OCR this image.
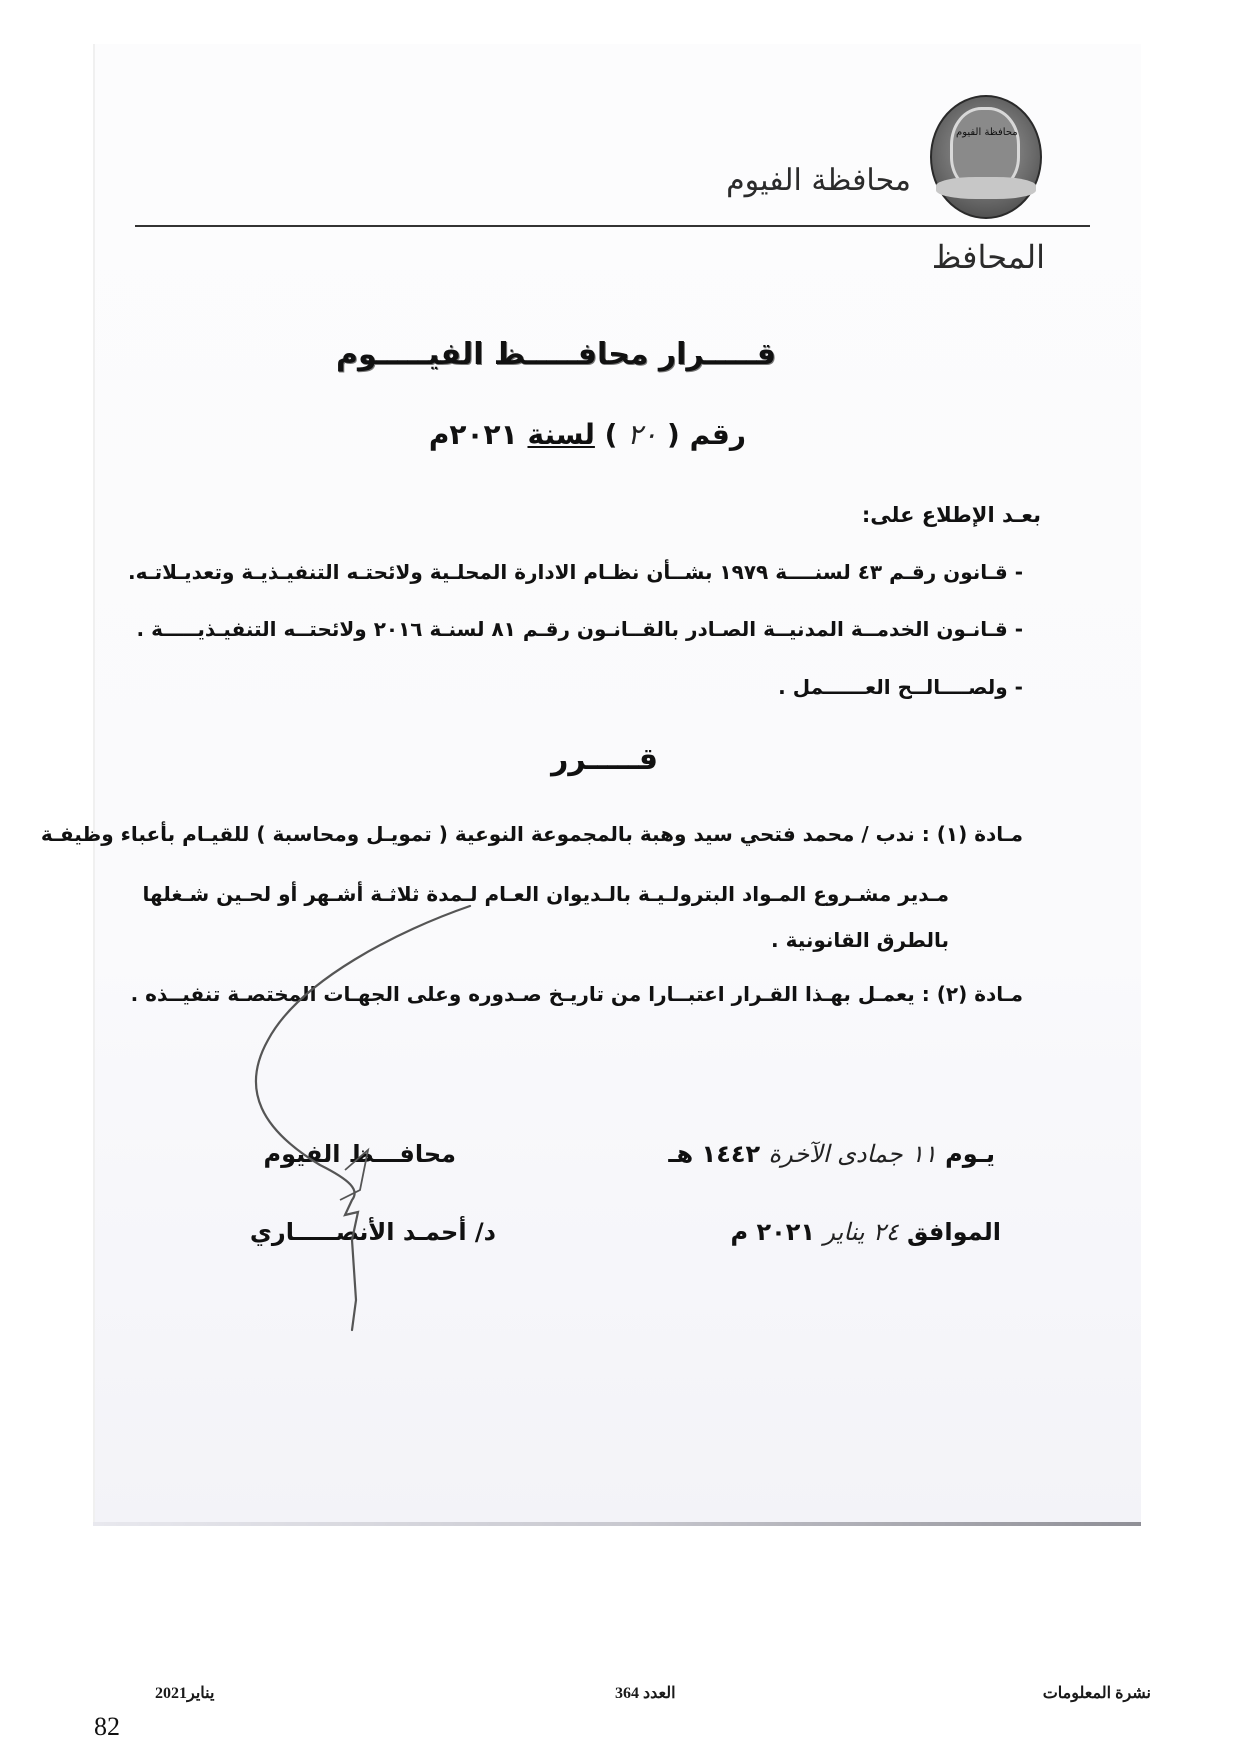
محافظة الفيوم
محافظة الفيوم
المحافظ
قـــــرار محافـــــظ الفيـــــوم
رقم ( ٢٠ ) لسنة ٢٠٢١م
بعـد الإطلاع على:
- قـانون رقـم ٤٣ لسنــــة ١٩٧٩ بشــأن نظـام الادارة المحلـية ولائحتـه التنفيـذيـة وتعديـلاتـه.
- قـانـون الخدمــة المدنيــة الصـادر بالقــانـون رقـم ٨١ لسنـة ٢٠١٦ ولائحتــه التنفيـذيـــــة .
- ولصــــالــح العــــــمل .
قـــــرر
مـادة (١) : ندب / محمد فتحي سيد وهبة بالمجموعة النوعية ( تمويـل ومحاسبة ) للقيـام بأعباء وظيفـة
مـدير مشـروع المـواد البترولـيـة بالـديوان العـام لـمدة ثلاثـة أشـهر أو لحـين شـغلها
بالطرق القانونية .
مـادة (٢) : يعمـل بهـذا القـرار اعتبــارا من تاريـخ صـدوره وعلى الجهـات المختصـة تنفيــذه .
يـوم ١١ جمادى الآخرة ١٤٤٢ هـ
الموافق ٢٤ يناير ٢٠٢١ م
محافـــظ الفيوم
د/ أحمـد الأنصـــــاري
نشرة المعلومات
العدد 364
يناير2021
82
